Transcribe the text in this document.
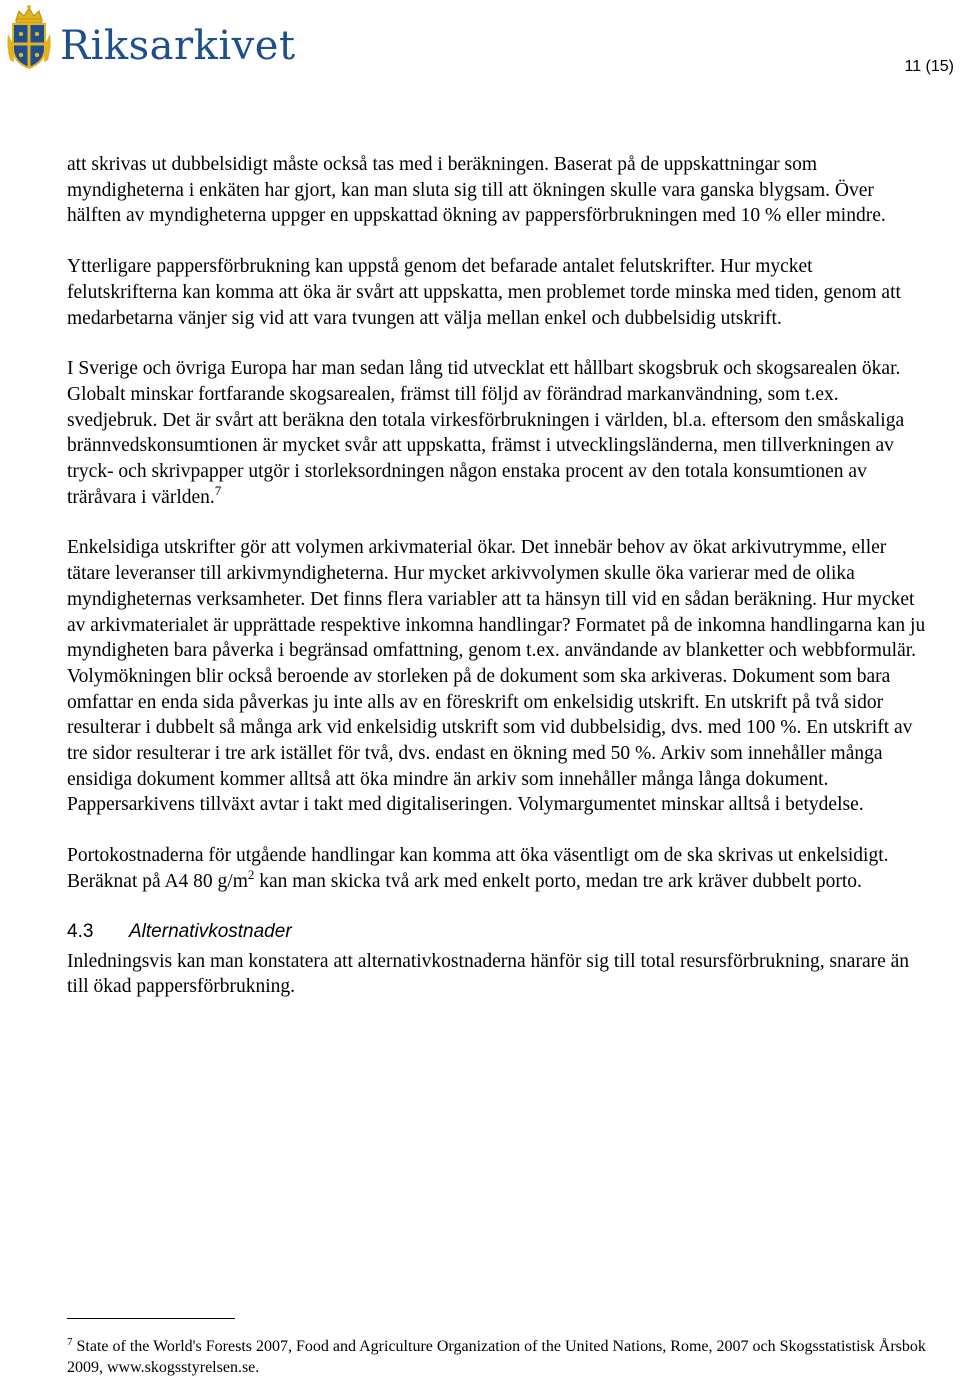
Riksarkivet	11 (15)

att skrivas ut dubbelsidigt måste också tas med i beräkningen. Baserat på de uppskattningar som myndigheterna i enkäten har gjort, kan man sluta sig till att ökningen skulle vara ganska blygsam. Över hälften av myndigheterna uppger en uppskattad ökning av pappersförbrukningen med 10 % eller mindre.

Ytterligare pappersförbrukning kan uppstå genom det befarade antalet felutskrifter. Hur mycket felutskrifterna kan komma att öka är svårt att uppskatta, men problemet torde minska med tiden, genom att medarbetarna vänjer sig vid att vara tvungen att välja mellan enkel och dubbelsidig utskrift.

I Sverige och övriga Europa har man sedan lång tid utvecklat ett hållbart skogsbruk och skogsarealen ökar. Globalt minskar fortfarande skogsarealen, främst till följd av förändrad markanvändning, som t.ex. svedjebruk. Det är svårt att beräkna den totala virkesförbrukningen i världen, bl.a. eftersom den småskaliga brännvedskonsumtionen är mycket svår att uppskatta, främst i utvecklingsländerna, men tillverkningen av tryck- och skrivpapper utgör i storleksordningen någon enstaka procent av den totala konsumtionen av träråvara i världen.$^7$

Enkelsidiga utskrifter gör att volymen arkivmaterial ökar. Det innebär behov av ökat arkivutrymme, eller tätare leveranser till arkivmyndigheterna. Hur mycket arkivvolymen skulle öka varierar med de olika myndigheternas verksamheter. Det finns flera variabler att ta hänsyn till vid en sådan beräkning. Hur mycket av arkivmaterialet är upprättade respektive inkomna handlingar? Formatet på de inkomna handlingarna kan ju myndigheten bara påverka i begränsad omfattning, genom t.ex. användande av blanketter och webbformulär. Volymökningen blir också beroende av storleken på de dokument som ska arkiveras. Dokument som bara omfattar en enda sida påverkas ju inte alls av en föreskrift om enkelsidig utskrift. En utskrift på två sidor resulterar i dubbelt så många ark vid enkelsidig utskrift som vid dubbelsidig, dvs. med 100 %. En utskrift av tre sidor resulterar i tre ark istället för två, dvs. endast en ökning med 50 %. Arkiv som innehåller många ensidiga dokument kommer alltså att öka mindre än arkiv som innehåller många långa dokument. Pappersarkivens tillväxt avtar i takt med digitaliseringen. Volymargumentet minskar alltså i betydelse.

Portokostnaderna för utgående handlingar kan komma att öka väsentligt om de ska skrivas ut enkelsidigt. Beräknat på A4 80 $g/m^2$ kan man skicka två ark med enkelt porto, medan tre ark kräver dubbelt porto.

4.3 Alternativkostnader

Inledningsvis kan man konstatera att alternativkostnaderna hänför sig till total resursförbrukning, snarare än till ökad pappersförbrukning.

$^7$ State of the World's Forests 2007, Food and Agriculture Organization of the United Nations, Rome, 2007 och Skogsstatistisk Årsbok 2009, www.skogsstyrelsen.se.
